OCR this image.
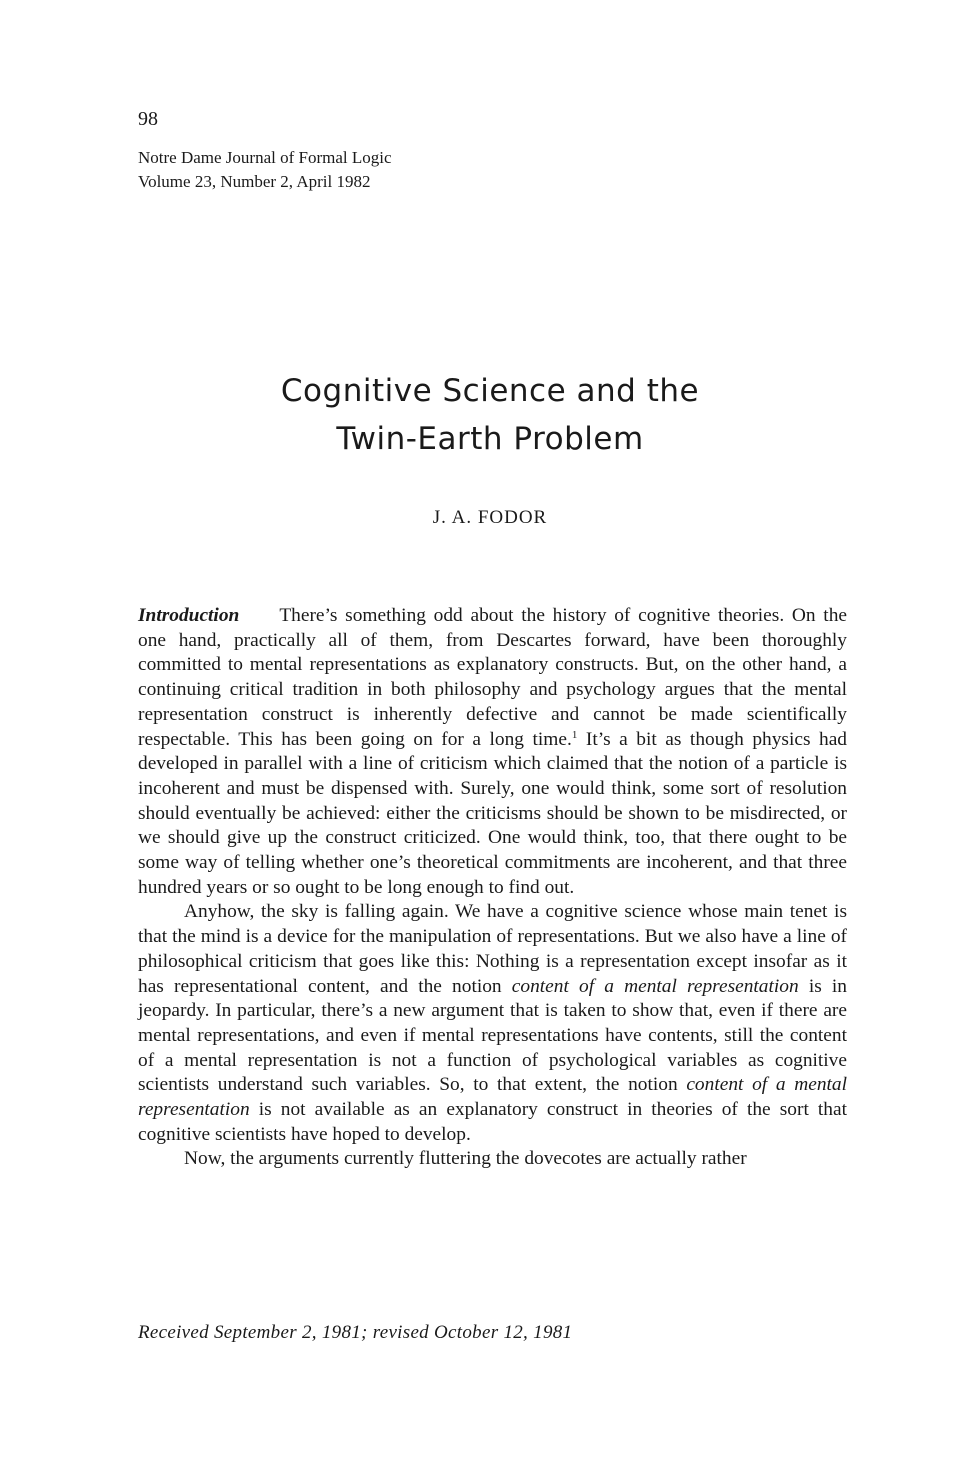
98
Notre Dame Journal of Formal Logic
Volume 23, Number 2, April 1982
Cognitive Science and the
Twin-Earth Problem
J. A. FODOR

Introduction There’s something odd about the history of cognitive theories. On the one hand, practically all of them, from Descartes forward, have been thoroughly committed to mental representations as explanatory constructs. But, on the other hand, a continuing critical tradition in both philosophy and psychology argues that the mental representation construct is inherently defective and cannot be made scientifically respectable. This has been going on for a long time.$^1$ It’s a bit as though physics had developed in parallel with a line of criticism which claimed that the notion of a particle is incoherent and must be dispensed with. Surely, one would think, some sort of resolution should eventually be achieved: either the criticisms should be shown to be misdirected, or we should give up the construct criticized. One would think, too, that there ought to be some way of telling whether one’s theoretical commitments are incoherent, and that three hundred years or so ought to be long enough to find out.

Anyhow, the sky is falling again. We have a cognitive science whose main tenet is that the mind is a device for the manipulation of representations. But we also have a line of philosophical criticism that goes like this: Nothing is a representation except insofar as it has representational content, and the notion content of a mental representation is in jeopardy. In particular, there’s a new argument that is taken to show that, even if there are mental representations, and even if mental representations have contents, still the content of a mental representation is not a function of psychological variables as cognitive scientists understand such variables. So, to that extent, the notion content of a mental representation is not available as an explanatory construct in theories of the sort that cognitive scientists have hoped to develop.

Now, the arguments currently fluttering the dovecotes are actually rather

Received September 2, 1981; revised October 12, 1981
